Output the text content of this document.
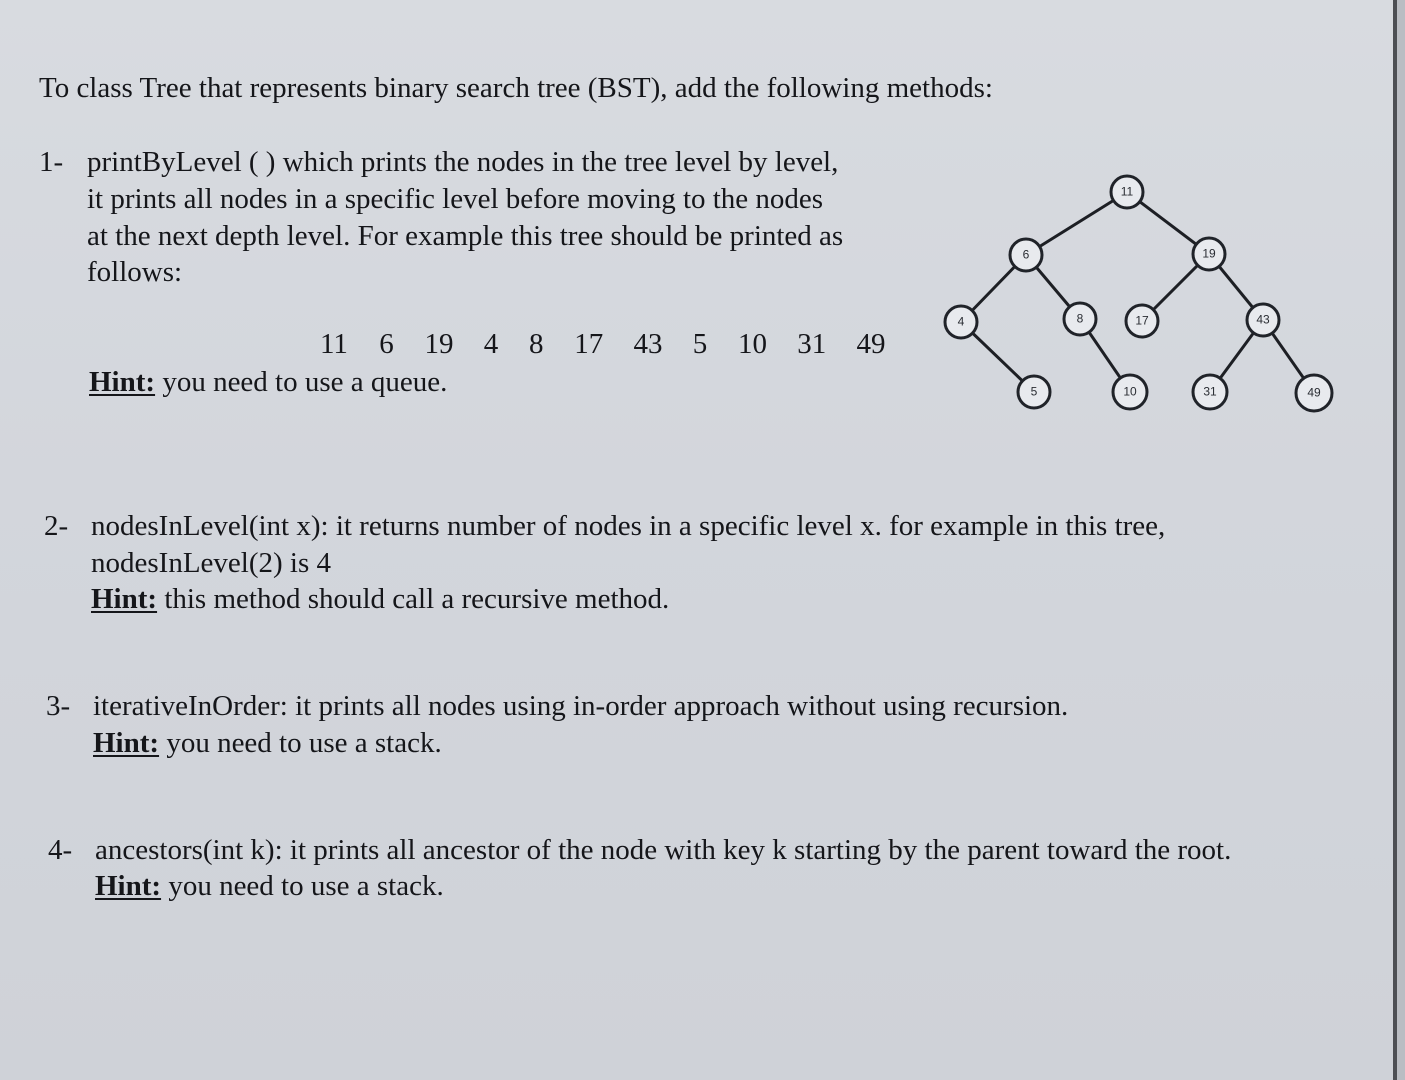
To class Tree that represents binary search tree (BST), add the following methods:
1- printByLevel ( ) which prints the nodes in the tree level by level,
it prints all nodes in a specific level before moving to the nodes
at the next depth level. For example this tree should be printed as
follows:
11 6 19 4 8 17 43 5 10 31 49
Hint: you need to use a queue.
11
6	19
4	8	17	43
5	10	31	49
2- nodesInLevel(int x): it returns number of nodes in a specific level x. for example in this tree,
nodesInLevel(2) is 4
Hint: this method should call a recursive method.
3- iterativeInOrder: it prints all nodes using in-order approach without using recursion.
Hint: you need to use a stack.
4- ancestors(int k): it prints all ancestor of the node with key k starting by the parent toward the root.
Hint: you need to use a stack.
